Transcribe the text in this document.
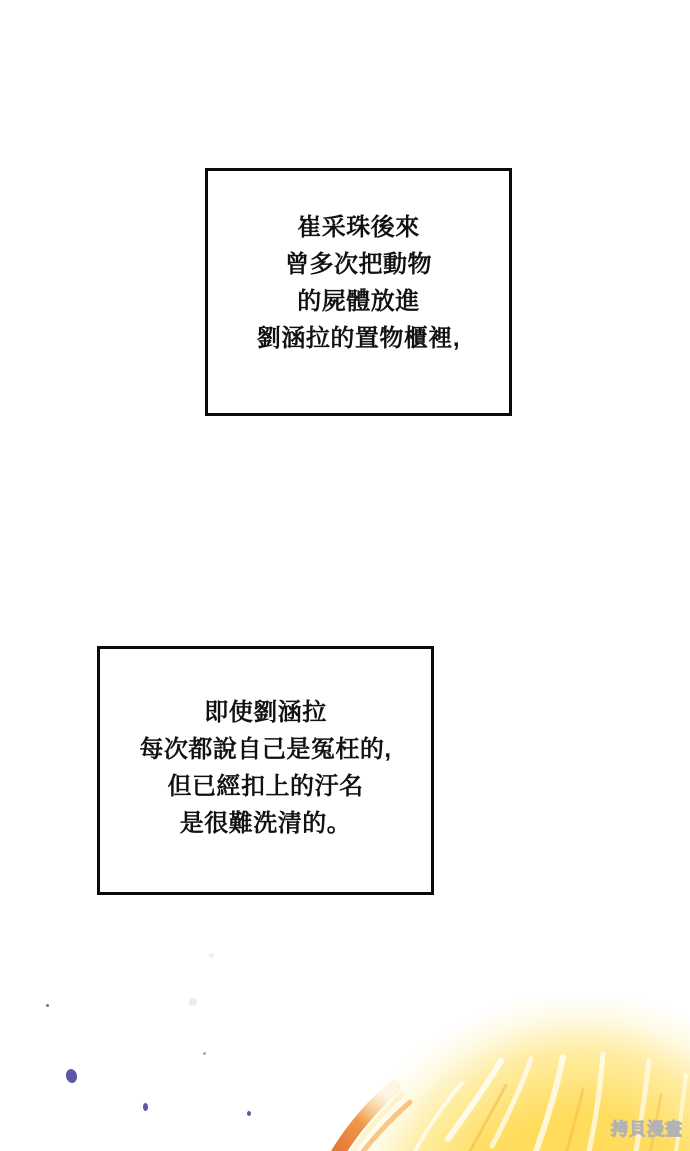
崔采珠後來
曾多次把動物
的屍體放進
劉涵拉的置物櫃裡,
即使劉涵拉
每次都說自己是冤枉的,
但已經扣上的汙名
是很難洗清的。
拷貝漫畫
